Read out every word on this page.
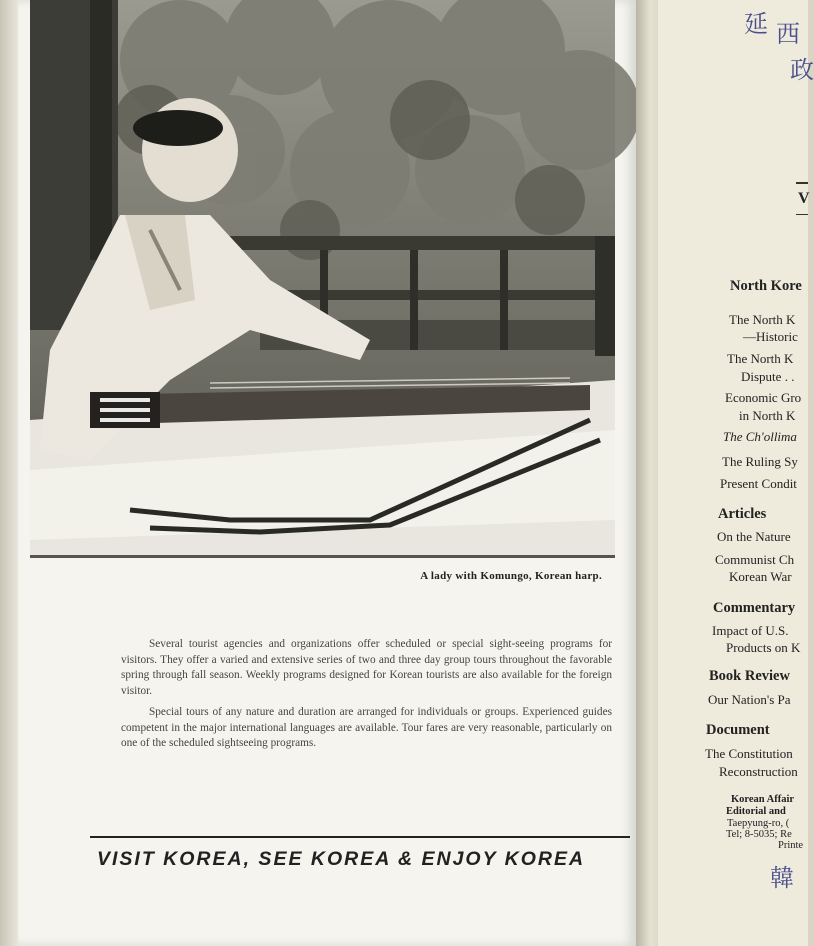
A lady with Komungo, Korean harp.

Several tourist agencies and organizations offer scheduled or special sight-seeing programs for visitors. They offer a varied and extensive series of two and three day group tours throughout the favorable spring through fall season. Weekly programs designed for Korean tourists are also available for the foreign visitor.

Special tours of any nature and duration are arranged for individuals or groups. Experienced guides competent in the major international languages are available. Tour fares are very reasonable, particularly on one of the scheduled sightseeing programs.

VISIT KOREA, SEE KOREA & ENJOY KOREA
延 西
政
V
North Kore
The North K
—Historic
The North K
Dispute . .
Economic Gro
in North K
The Ch'ollima
The Ruling Sy
Present Condit
Articles
On the Nature
Communist Ch
Korean War
Commentary
Impact of U.S.
Products on K
Book Review
Our Nation's Pa
Document
The Constitution
Reconstruction
Korean Affair
Editorial and
Taepyung-ro, (
Tel; 8-5035; Re
Printe
韓
